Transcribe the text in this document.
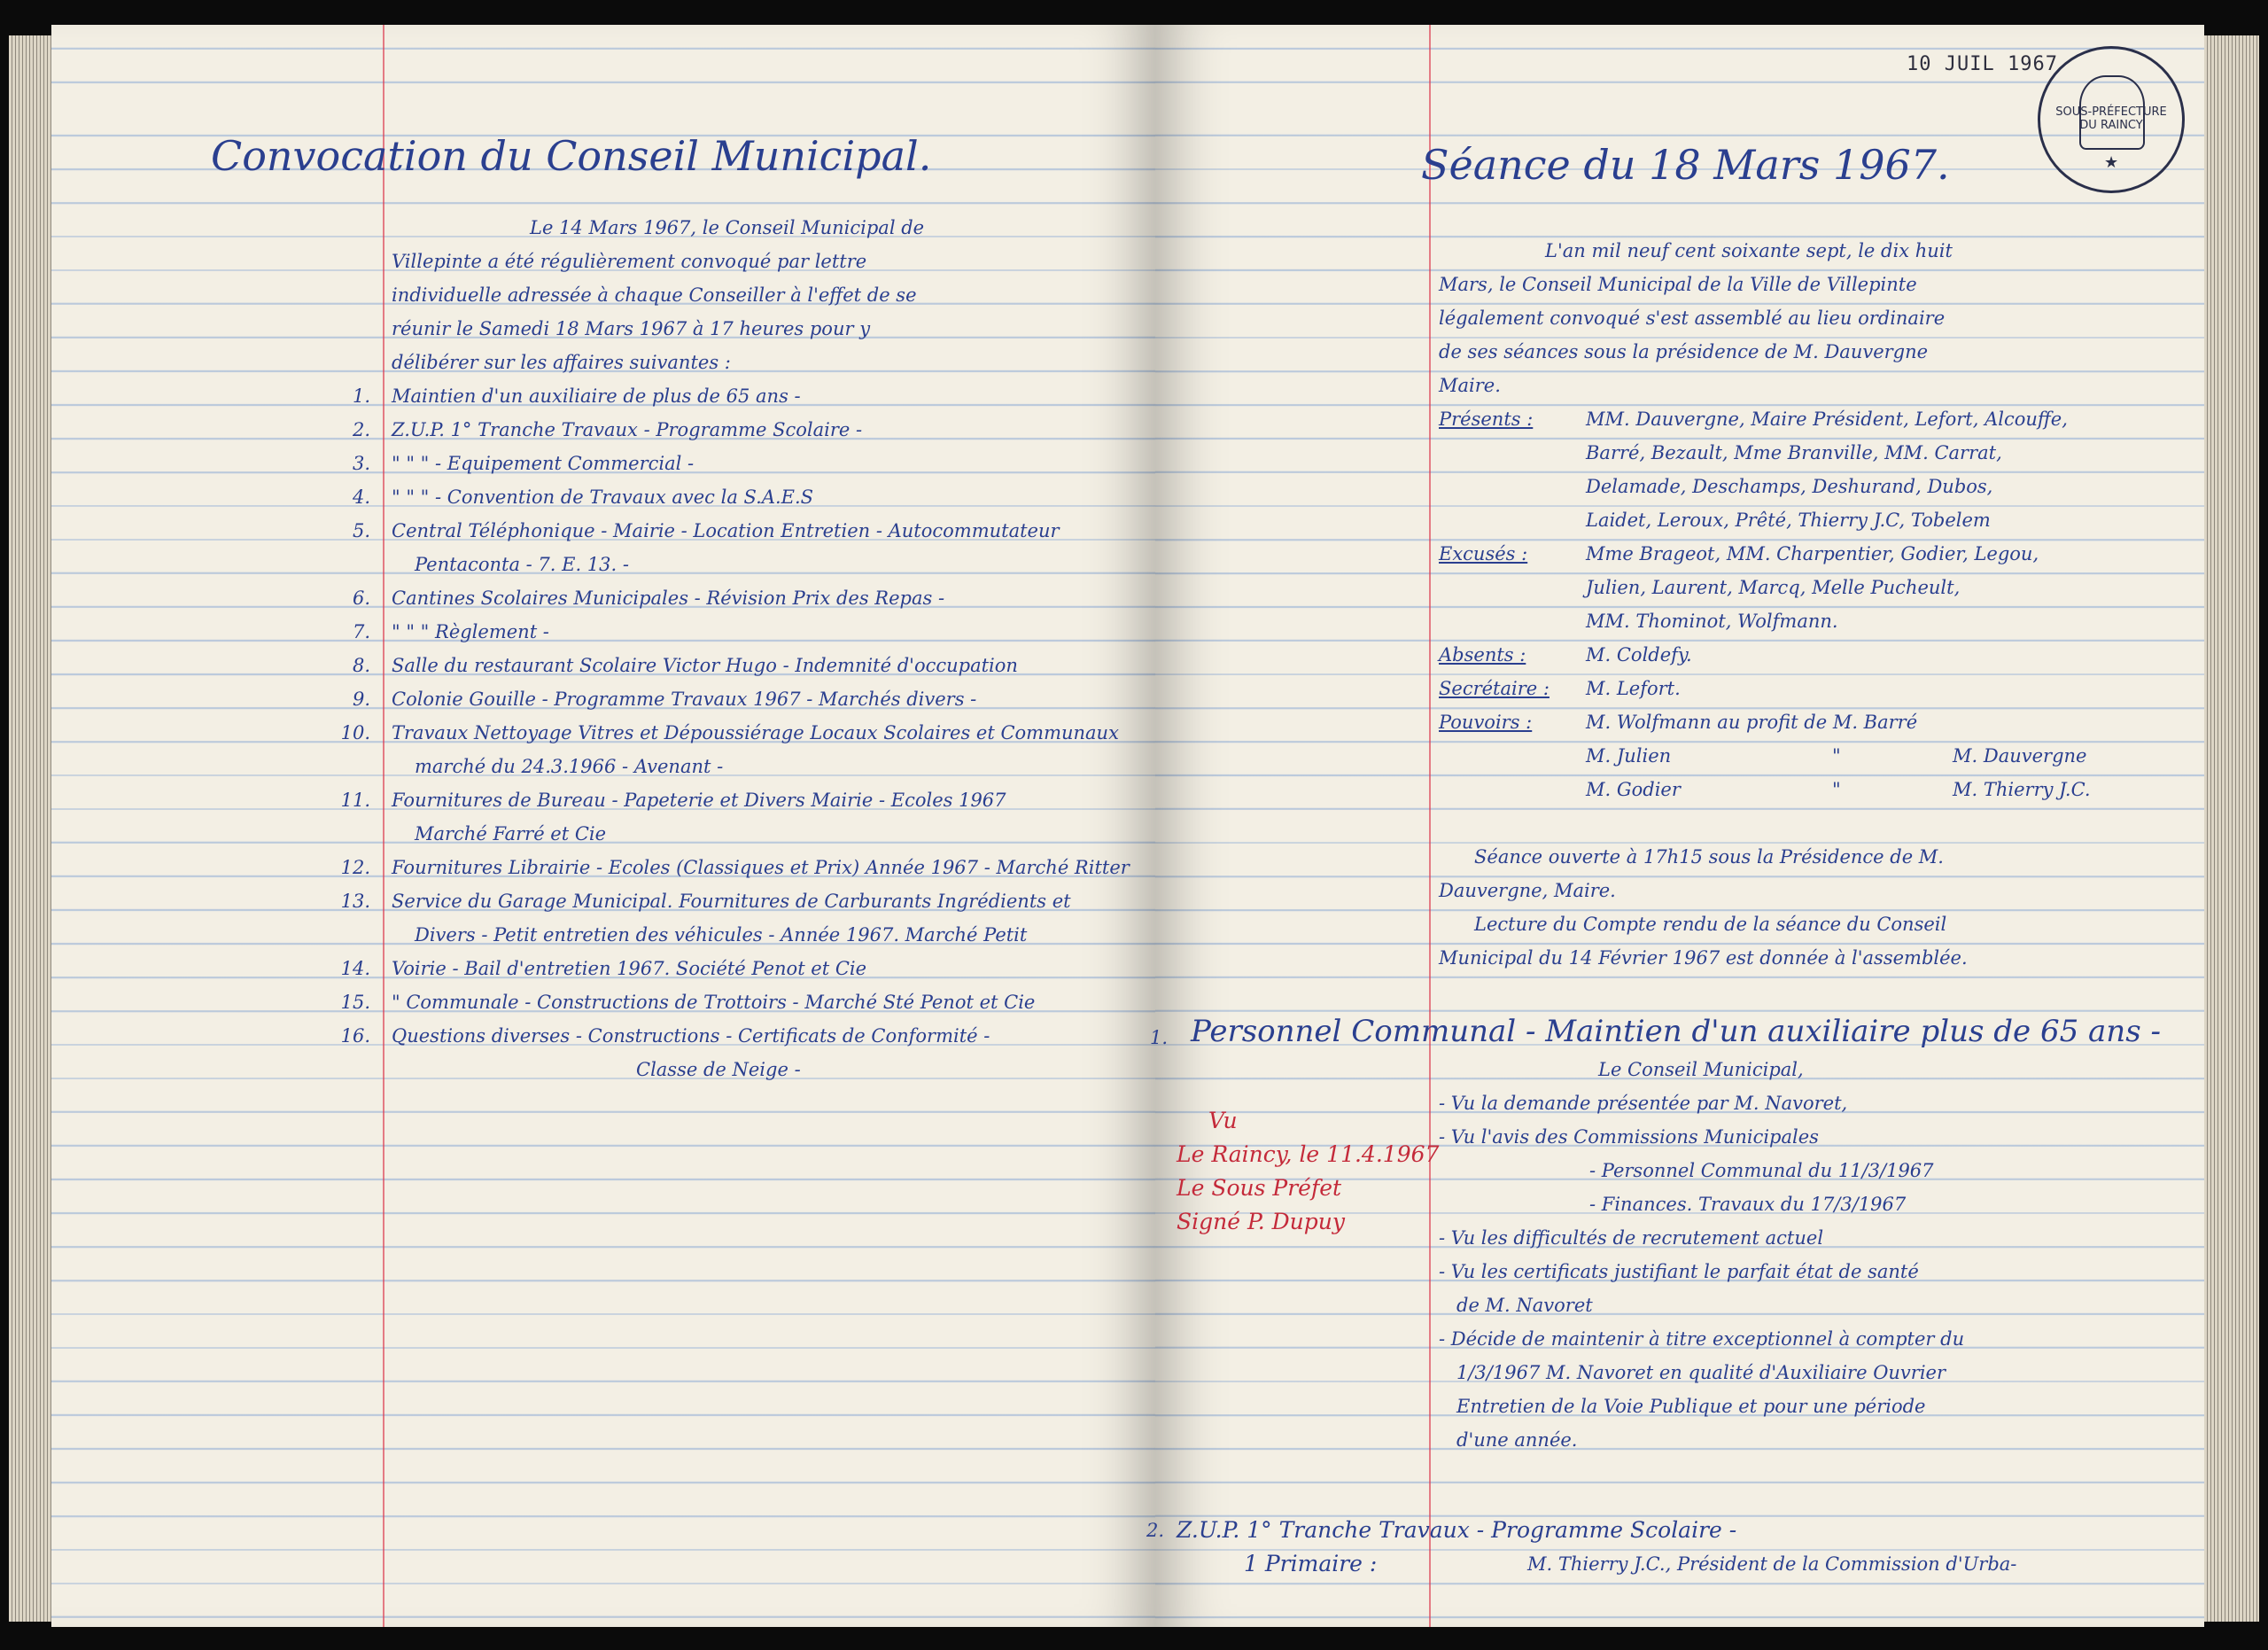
Convocation du Conseil Municipal.
Le 14 Mars 1967, le Conseil Municipal de
Villepinte a été régulièrement convoqué par lettre
individuelle adressée à chaque Conseiller à l'effet de se
réunir le Samedi 18 Mars 1967 à 17 heures pour y
délibérer sur les affaires suivantes :
1. Maintien d'un auxiliaire de plus de 65 ans -
2. Z.U.P. 1° Tranche Travaux - Programme Scolaire -
3. " " " - Equipement Commercial -
4. " " " - Convention de Travaux avec la S.A.E.S
5. Central Téléphonique - Mairie - Location Entretien - Autocommutateur
Pentaconta - 7. E. 13. -
6. Cantines Scolaires Municipales - Révision Prix des Repas -
7. " " " Règlement -
8. Salle du restaurant Scolaire Victor Hugo - Indemnité d'occupation
9. Colonie Gouille - Programme Travaux 1967 - Marchés divers -
10. Travaux Nettoyage Vitres et Dépoussiérage Locaux Scolaires et Communaux
marché du 24.3.1966 - Avenant -
11. Fournitures de Bureau - Papeterie et Divers Mairie - Ecoles 1967
Marché Farré et Cie
12. Fournitures Librairie - Ecoles (Classiques et Prix) Année 1967 - Marché Ritter
13. Service du Garage Municipal. Fournitures de Carburants Ingrédients et
Divers - Petit entretien des véhicules - Année 1967. Marché Petit
14. Voirie - Bail d'entretien 1967. Société Penot et Cie
15. " Communale - Constructions de Trottoirs - Marché Sté Penot et Cie
16. Questions diverses - Constructions - Certificats de Conformité -
Classe de Neige -
Séance du 18 Mars 1967.
L'an mil neuf cent soixante sept, le dix huit
Mars, le Conseil Municipal de la Ville de Villepinte
légalement convoqué s'est assemblé au lieu ordinaire
de ses séances sous la présidence de M. Dauvergne
Maire.
Présents :	MM. Dauvergne, Maire Président, Lefort, Alcouffe,
Barré, Bezault, Mme Branville, MM. Carrat,
Delamade, Deschamps, Deshurand, Dubos,
Laidet, Leroux, Prêté, Thierry J.C, Tobelem
Excusés :	Mme Brageot, MM. Charpentier, Godier, Legou,
Julien, Laurent, Marcq, Melle Pucheult,
MM. Thominot, Wolfmann.
Absents :	M. Coldefy.
Secrétaire : M. Lefort.
Pouvoirs :	M. Wolfmann au profit de M. Barré
M. Julien	"	M. Dauvergne
M. Godier	"	M. Thierry J.C.
Séance ouverte à 17h15 sous la Présidence de M.
Dauvergne, Maire.
Lecture du Compte rendu de la séance du Conseil
Municipal du 14 Février 1967 est donnée à l'assemblée.
1. Personnel Communal - Maintien d'un auxiliaire plus de 65 ans -
Le Conseil Municipal,
- Vu la demande présentée par M. Navoret,
- Vu l'avis des Commissions Municipales
- Personnel Communal du 11/3/1967
- Finances. Travaux du 17/3/1967
- Vu les difficultés de recrutement actuel
- Vu les certificats justifiant le parfait état de santé
de M. Navoret
- Décide de maintenir à titre exceptionnel à compter du
1/3/1967 M. Navoret en qualité d'Auxiliaire Ouvrier
Entretien de la Voie Publique et pour une période
d'une année.
Vu
Le Raincy, le 11.4.1967
Le Sous Préfet
Signé P. Dupuy
2. Z.U.P. 1° Tranche Travaux - Programme Scolaire -
1 Primaire :	M. Thierry J.C., Président de la Commission d'Urba-
10 JUIL 1967
SOUS-PRÉFECTURE DU RAINCY
★
